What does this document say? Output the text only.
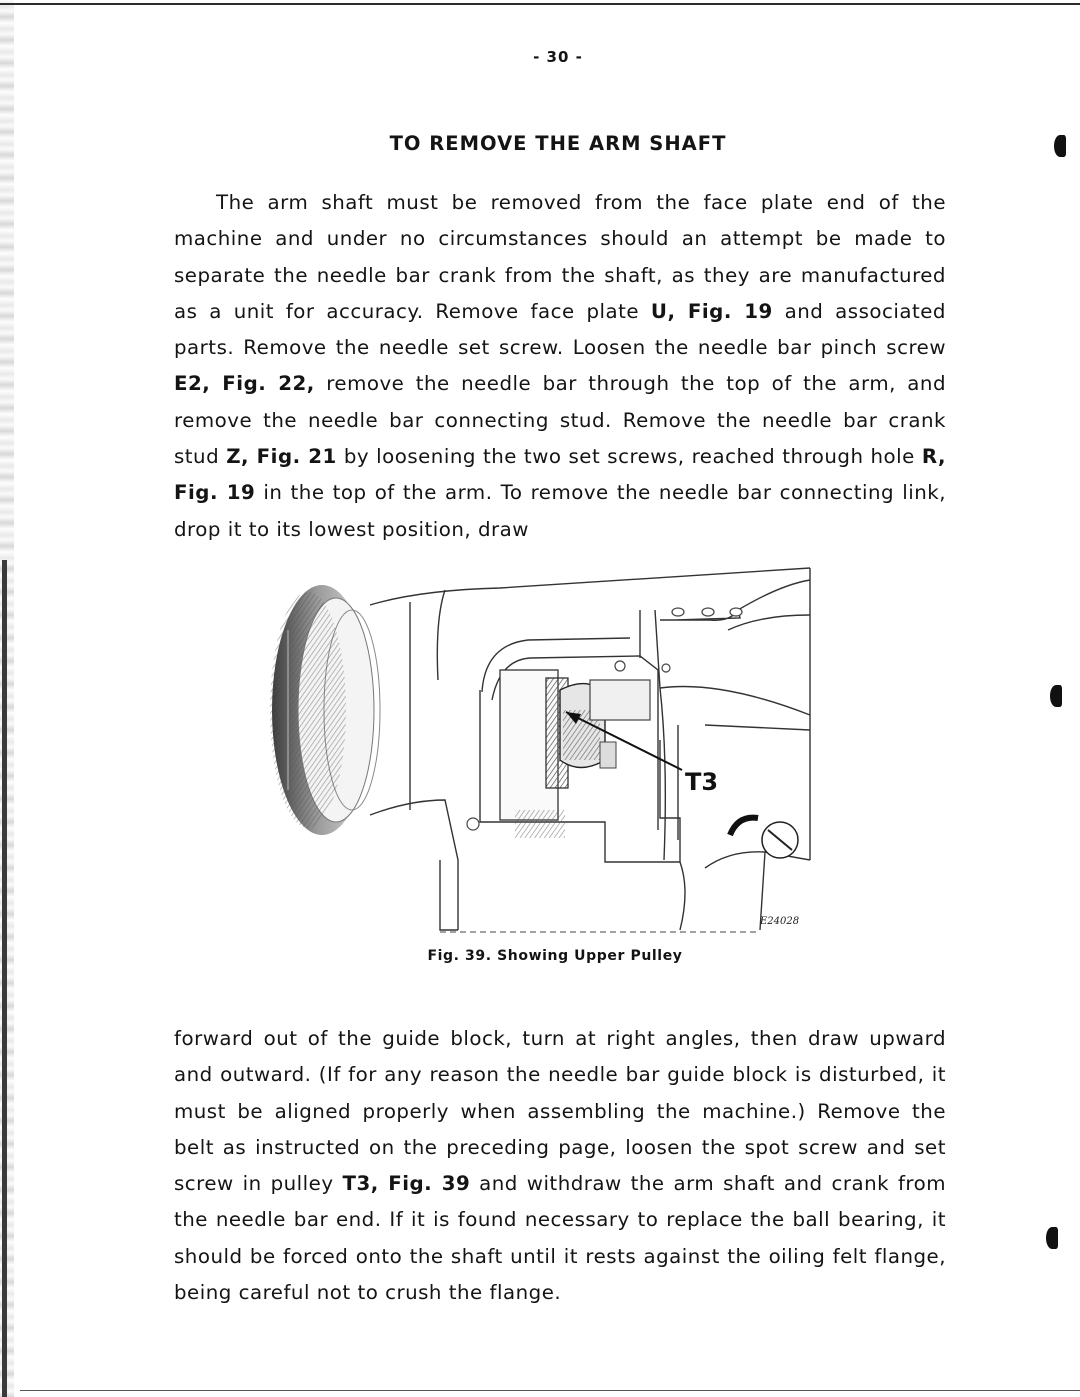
- 30 -
TO REMOVE THE ARM SHAFT

The arm shaft must be removed from the face plate end of the machine and under no circumstances should an attempt be made to separate the needle bar crank from the shaft, as they are manufactured as a unit for accuracy. Remove face plate U, Fig. 19 and associated parts. Remove the needle set screw. Loosen the needle bar pinch screw E2, Fig. 22, remove the needle bar through the top of the arm, and remove the needle bar connecting stud. Remove the needle bar crank stud Z, Fig. 21 by loosening the two set screws, reached through hole R, Fig. 19 in the top of the arm. To remove the needle bar connecting link, drop it to its lowest position, draw

T3
E24028
Fig. 39. Showing Upper Pulley

forward out of the guide block, turn at right angles, then draw upward and outward. (If for any reason the needle bar guide block is disturbed, it must be aligned properly when assembling the machine.) Remove the belt as instructed on the preceding page, loosen the spot screw and set screw in pulley T3, Fig. 39 and withdraw the arm shaft and crank from the needle bar end. If it is found necessary to replace the ball bearing, it should be forced onto the shaft until it rests against the oiling felt flange, being careful not to crush the flange.
